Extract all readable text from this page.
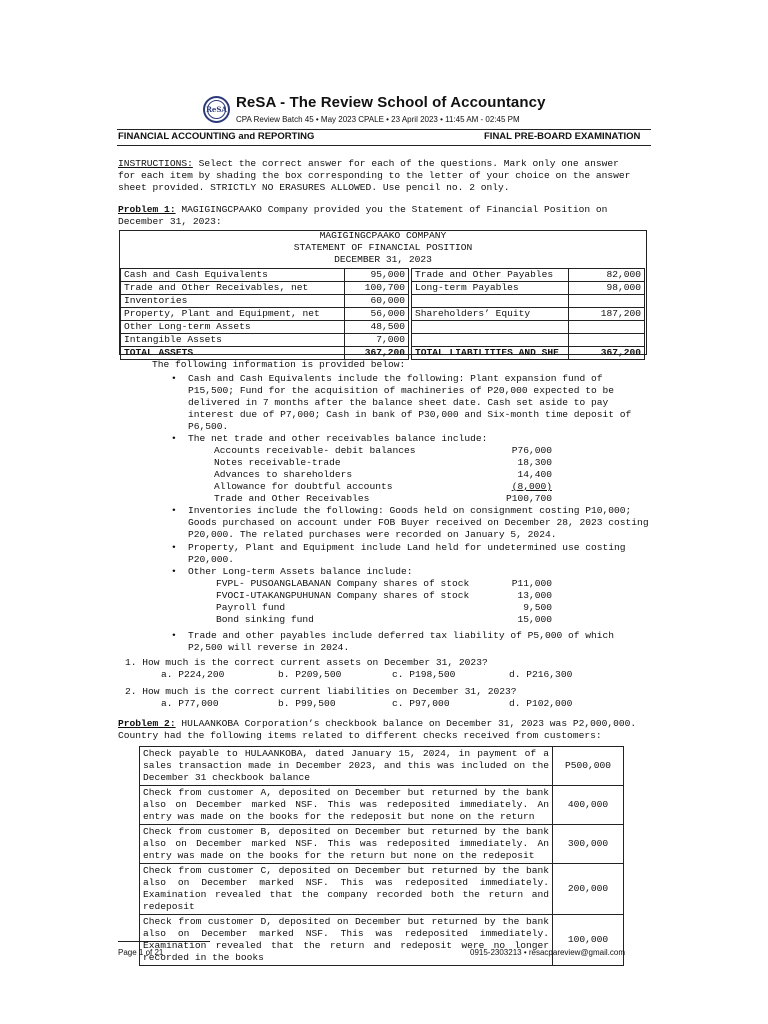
ReSA ReSA - The Review School of Accountancy
CPA Review Batch 45 • May 2023 CPALE • 23 April 2023 • 11:45 AM - 02:45 PM
FINANCIAL ACCOUNTING and REPORTING	FINAL PRE-BOARD EXAMINATION
INSTRUCTIONS: Select the correct answer for each of the questions. Mark only one answer
for each item by shading the box corresponding to the letter of your choice on the answer
sheet provided. STRICTLY NO ERASURES ALLOWED. Use pencil no. 2 only.
Problem 1: MAGIGINGCPAAKO Company provided you the Statement of Financial Position on
December 31, 2023:
MAGIGINGCPAAKO COMPANY
STATEMENT OF FINANCIAL POSITION
DECEMBER 31, 2023
Cash and Cash Equivalents	95,000		Trade and Other Payables	82,000
Trade and Other Receivables, net	100,700		Long-term Payables	98,000
Inventories	60,000			
Property, Plant and Equipment, net	56,000		Shareholders’ Equity	187,200
Other Long-term Assets	48,500			
Intangible Assets	7,000			
TOTAL ASSETS	367,200		TOTAL LIABILITIES AND SHE	367,200
The following information is provided below:
• Cash and Cash Equivalents include the following: Plant expansion fund of
P15,500; Fund for the acquisition of machineries of P20,000 expected to be
delivered in 7 months after the balance sheet date. Cash set aside to pay
interest due of P7,000; Cash in bank of P30,000 and Six-month time deposit of
P6,500.
• The net trade and other receivables balance include:
Accounts receivable- debit balances	P76,000
Notes receivable-trade	18,300
Advances to shareholders	14,400
Allowance for doubtful accounts	(8,000)
Trade and Other Receivables	P100,700
• Inventories include the following: Goods held on consignment costing P10,000;
Goods purchased on account under FOB Buyer received on December 28, 2023 costing
P20,000. The related purchases were recorded on January 5, 2024.
• Property, Plant and Equipment include Land held for undetermined use costing
P20,000.
• Other Long-term Assets balance include:
FVPL- PUSOANGLABANAN Company shares of stock	P11,000
FVOCI-UTAKANGPUHUNAN Company shares of stock	13,000
Payroll fund	9,500
Bond sinking fund	15,000
• Trade and other payables include deferred tax liability of P5,000 of which
P2,500 will reverse in 2024.
1. How much is the correct current assets on December 31, 2023?
a. P224,200	b. P209,500	c. P198,500	d. P216,300
2. How much is the correct current liabilities on December 31, 2023?
a. P77,000	b. P99,500	c. P97,000	d. P102,000
Problem 2: HULAANKOBA Corporation’s checkbook balance on December 31, 2023 was P2,000,000.
Country had the following items related to different checks received from customers:
Check payable to HULAANKOBA, dated January 15, 2024, in payment of a sales transaction made in December 2023, and this was included on the December 31 checkbook balance	P500,000
Check from customer A, deposited on December but returned by the bank also on December marked NSF. This was redeposited immediately. An entry was made on the books for the redeposit but none on the return	400,000
Check from customer B, deposited on December but returned by the bank also on December marked NSF. This was redeposited immediately. An entry was made on the books for the return but none on the redeposit	300,000
Check from customer C, deposited on December but returned by the bank also on December marked NSF. This was redeposited immediately. Examination revealed that the company recorded both the return and redeposit	200,000
Check from customer D, deposited on December but returned by the bank also on December marked NSF. This was redeposited immediately. Examination revealed that the return and redeposit were no longer recorded in the books	100,000
Page 1 of 21	0915-2303213 • resacpareview@gmail.com
